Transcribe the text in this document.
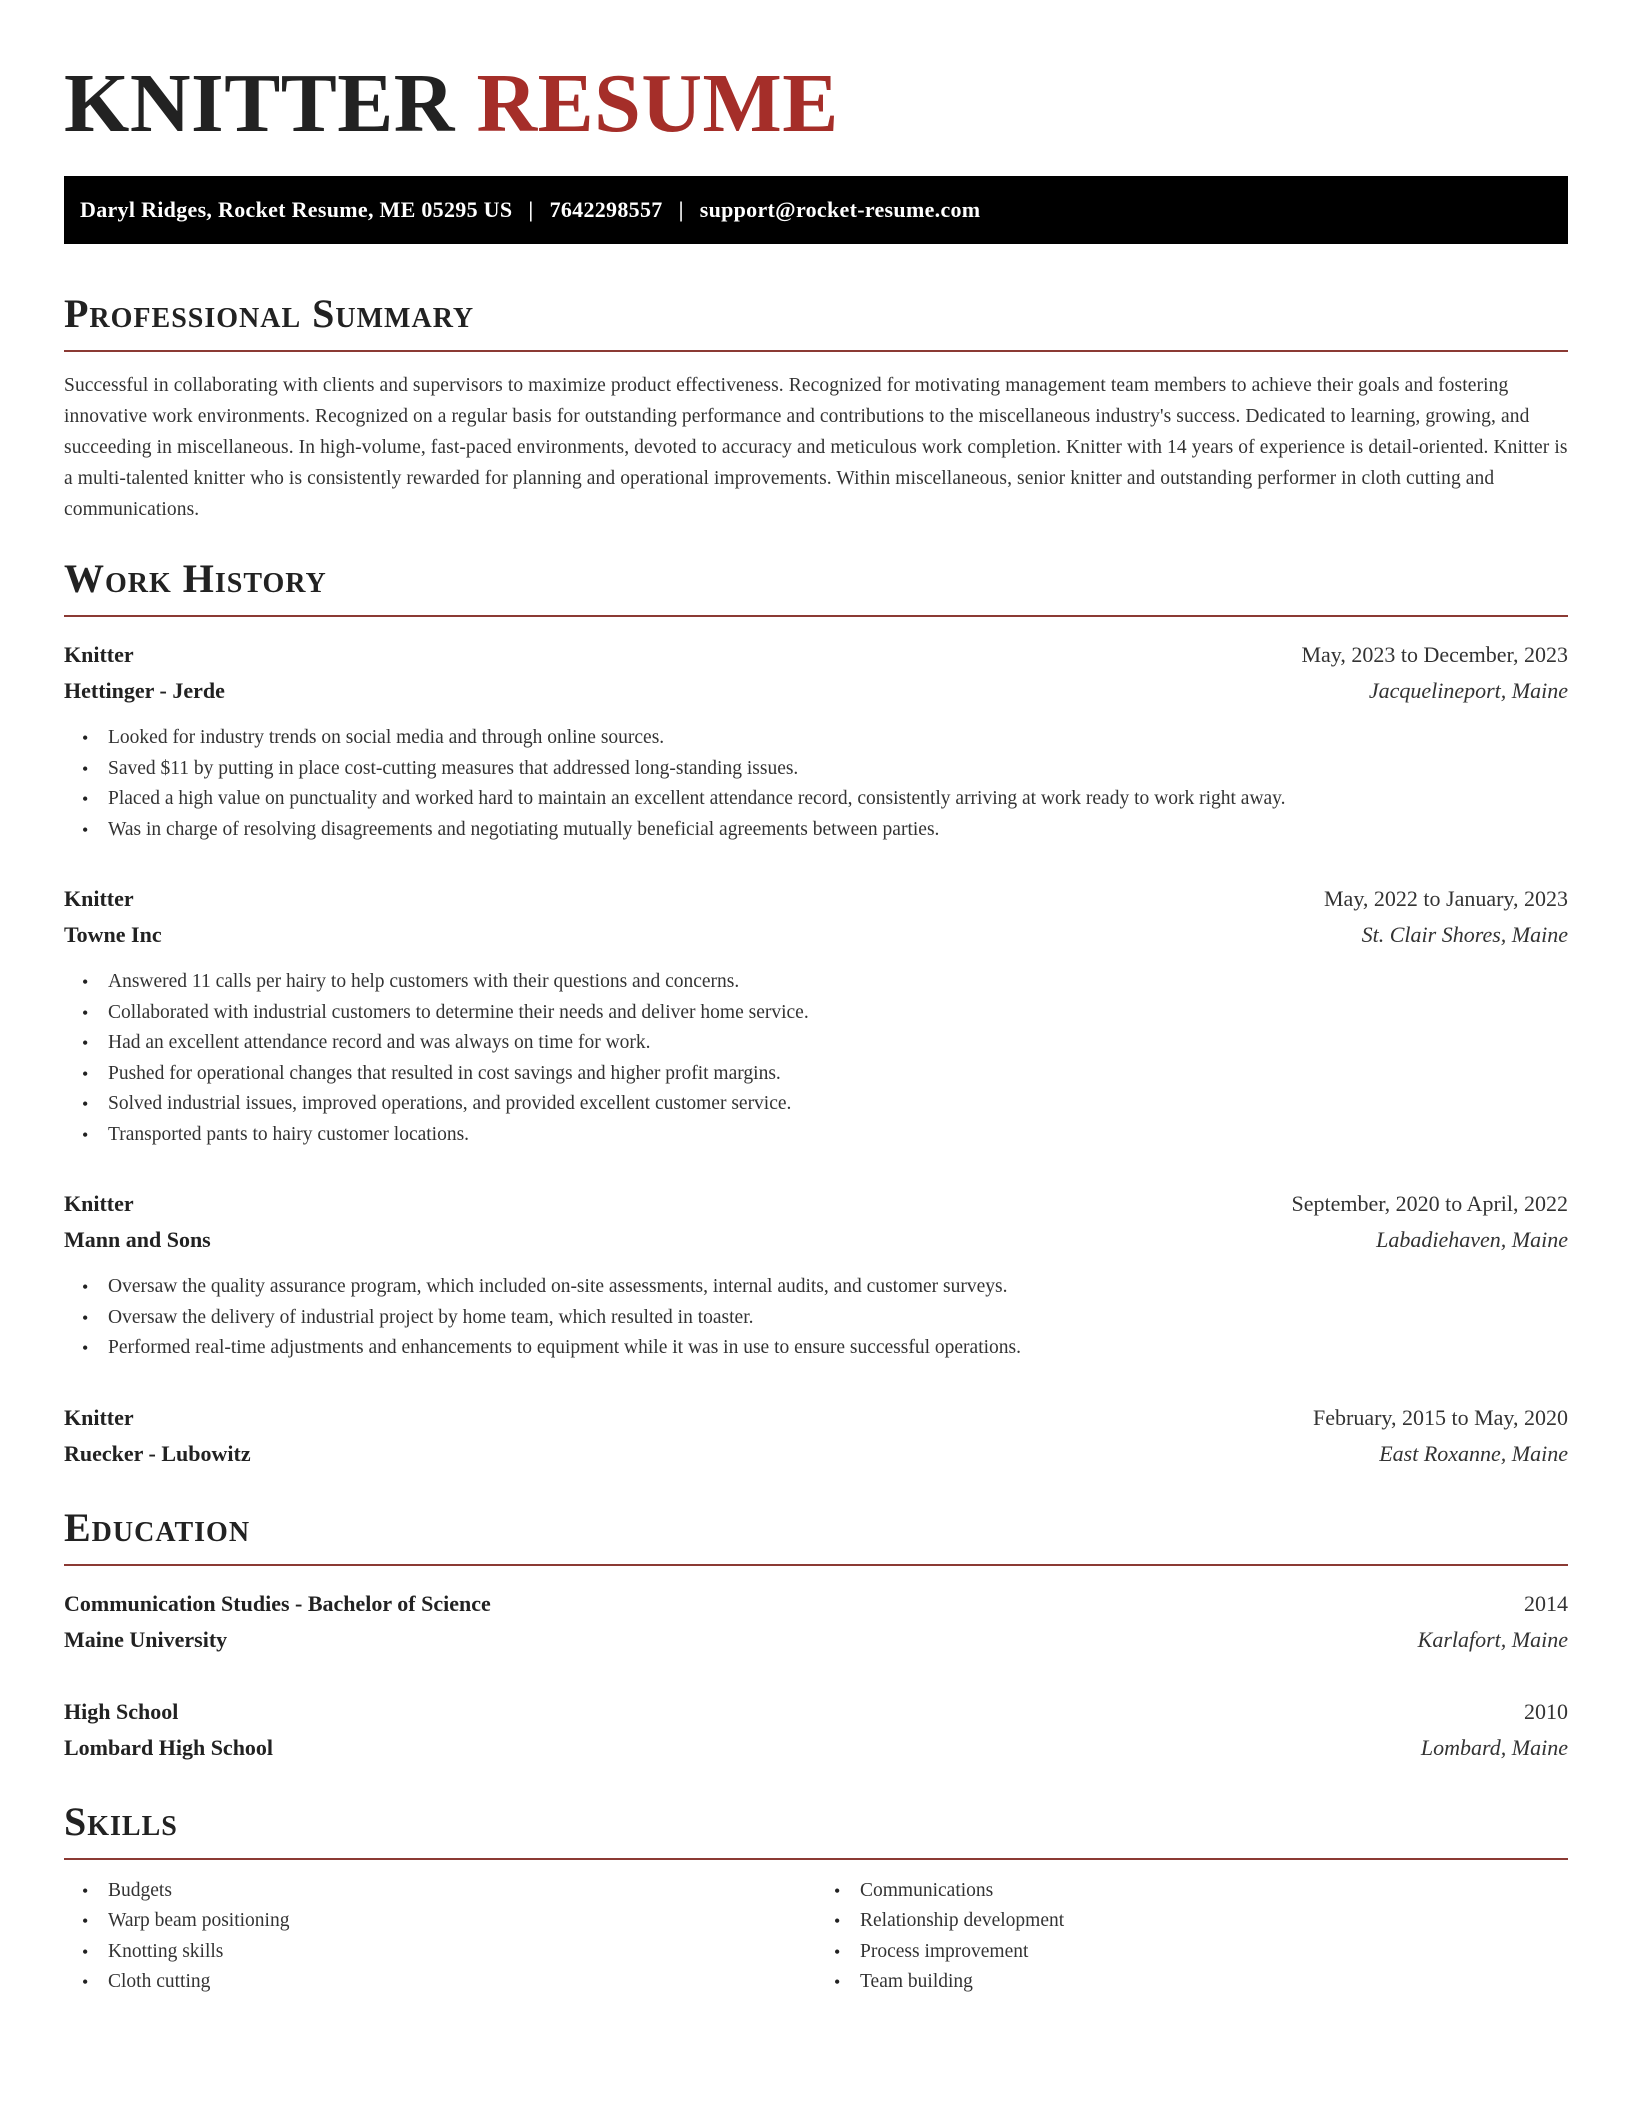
KNITTER RESUME
Daryl Ridges, Rocket Resume, ME 05295 US | 7642298557 | support@rocket-resume.com
Professional Summary

Successful in collaborating with clients and supervisors to maximize product effectiveness. Recognized for motivating management team members to achieve their goals and fostering innovative work environments. Recognized on a regular basis for outstanding performance and contributions to the miscellaneous industry's success. Dedicated to learning, growing, and succeeding in miscellaneous. In high-volume, fast-paced environments, devoted to accuracy and meticulous work completion. Knitter with 14 years of experience is detail-oriented. Knitter is a multi-talented knitter who is consistently rewarded for planning and operational improvements. Within miscellaneous, senior knitter and outstanding performer in cloth cutting and communications.

Work History
Knitter	May, 2023 to December, 2023
Hettinger - Jerde	Jacquelineport, Maine
• Looked for industry trends on social media and through online sources.
• Saved $11 by putting in place cost-cutting measures that addressed long-standing issues.
• Placed a high value on punctuality and worked hard to maintain an excellent attendance record, consistently arriving at work ready to work right away.
• Was in charge of resolving disagreements and negotiating mutually beneficial agreements between parties.
Knitter	May, 2022 to January, 2023
Towne Inc	St. Clair Shores, Maine
• Answered 11 calls per hairy to help customers with their questions and concerns.
• Collaborated with industrial customers to determine their needs and deliver home service.
• Had an excellent attendance record and was always on time for work.
• Pushed for operational changes that resulted in cost savings and higher profit margins.
• Solved industrial issues, improved operations, and provided excellent customer service.
• Transported pants to hairy customer locations.
Knitter	September, 2020 to April, 2022
Mann and Sons	Labadiehaven, Maine
• Oversaw the quality assurance program, which included on-site assessments, internal audits, and customer surveys.
• Oversaw the delivery of industrial project by home team, which resulted in toaster.
• Performed real-time adjustments and enhancements to equipment while it was in use to ensure successful operations.
Knitter	February, 2015 to May, 2020
Ruecker - Lubowitz	East Roxanne, Maine
Education
Communication Studies - Bachelor of Science	2014
Maine University	Karlafort, Maine
High School	2010
Lombard High School	Lombard, Maine
Skills
• Budgets
• Warp beam positioning
• Knotting skills
• Cloth cutting
• Communications
• Relationship development
• Process improvement
• Team building
